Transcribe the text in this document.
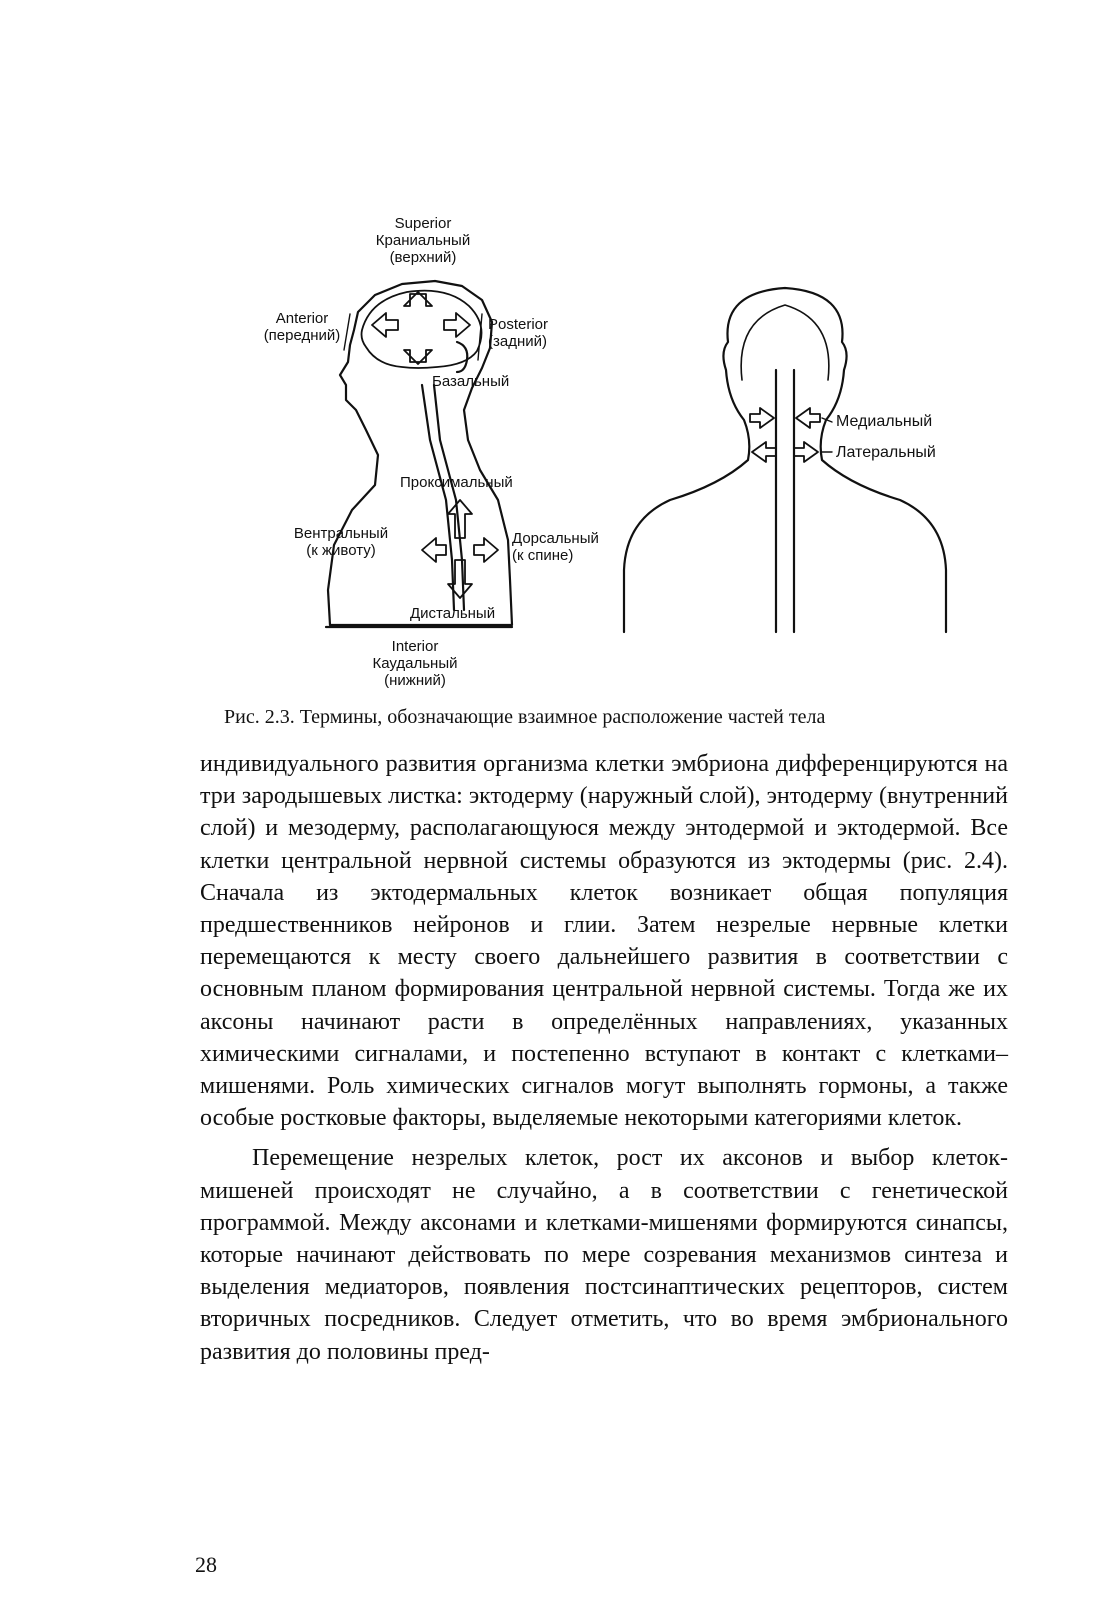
Superior
Краниальный
(верхний)
Anterior
(передний)
Posterior
(задний)
Базальный
Проксимальный
Вентральный
(к животу)
Дорсальный
(к спине)
Дистальный
Interior
Каудальный
(нижний)
Медиальный
Латеральный
Рис. 2.3. Термины, обозначающие взаимное расположение частей тела

индивидуального развития организма клетки эмбриона дифференцируются на три зародышевых листка: эктодерму (наружный слой), энтодерму (внутренний слой) и мезодерму, располагающуюся между энтодермой и эктодермой. Все клетки центральной нервной системы образуются из эктодермы (рис. 2.4). Сначала из эктодермальных клеток возникает общая популяция предшественников нейронов и глии. Затем незрелые нервные клетки перемещаются к месту своего дальнейшего развития в соответствии с основным планом формирования центральной нервной системы. Тогда же их аксоны начинают расти в определённых направлениях, указанных химическими сигналами, и постепенно вступают в контакт с клетками–мишенями. Роль химических сигналов могут выполнять гормоны, а также особые ростковые факторы, выделяемые некоторыми категориями клеток.

Перемещение незрелых клеток, рост их аксонов и выбор клеток-мишеней происходят не случайно, а в соответствии с генетической программой. Между аксонами и клетками-мишенями формируются синапсы, которые начинают действовать по мере созревания механизмов синтеза и выделения медиаторов, появления постсинаптических рецепторов, систем вторичных посредников. Следует отметить, что во время эмбрионального развития до половины пред-

28
